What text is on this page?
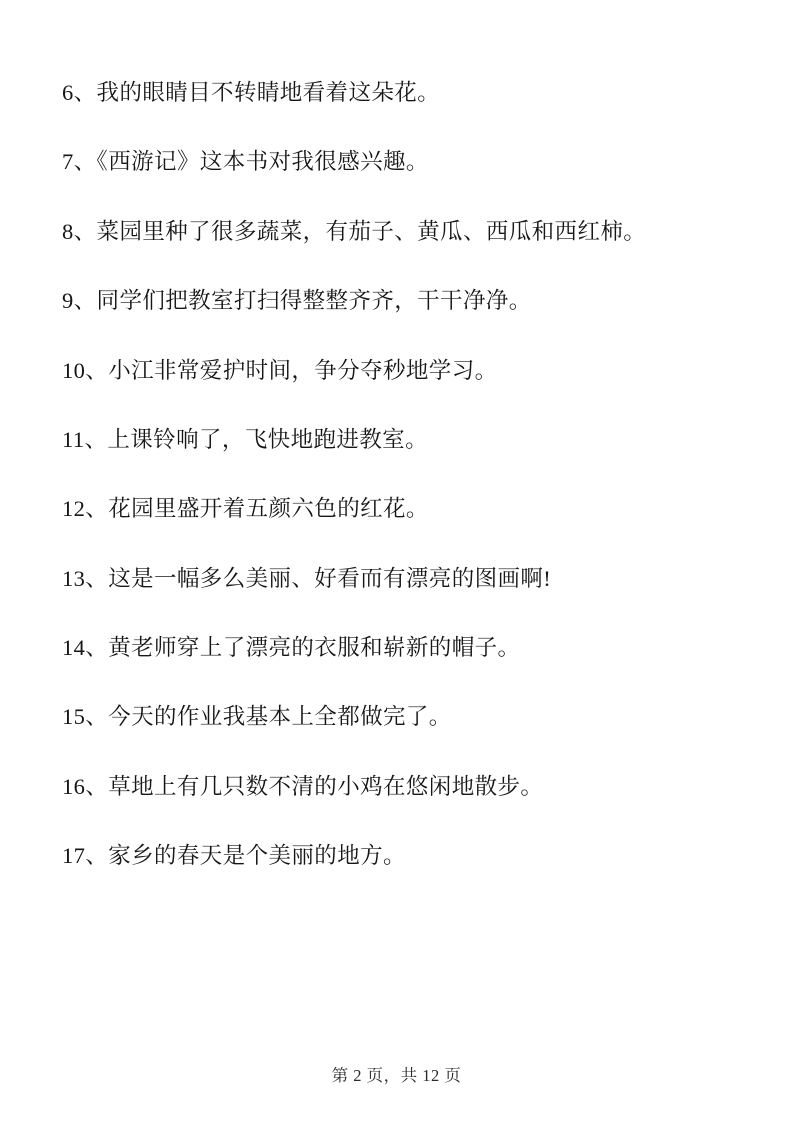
6、我的眼睛目不转睛地看着这朵花。

7、《西游记》这本书对我很感兴趣。

8、菜园里种了很多蔬菜，有茄子、黄瓜、西瓜和西红柿。

9、同学们把教室打扫得整整齐齐，干干净净。

10、小江非常爱护时间，争分夺秒地学习。

11、上课铃响了，飞快地跑进教室。

12、花园里盛开着五颜六色的红花。

13、这是一幅多么美丽、好看而有漂亮的图画啊!

14、黄老师穿上了漂亮的衣服和崭新的帽子。

15、今天的作业我基本上全都做完了。

16、草地上有几只数不清的小鸡在悠闲地散步。

17、家乡的春天是个美丽的地方。

第 2 页，共 12 页
